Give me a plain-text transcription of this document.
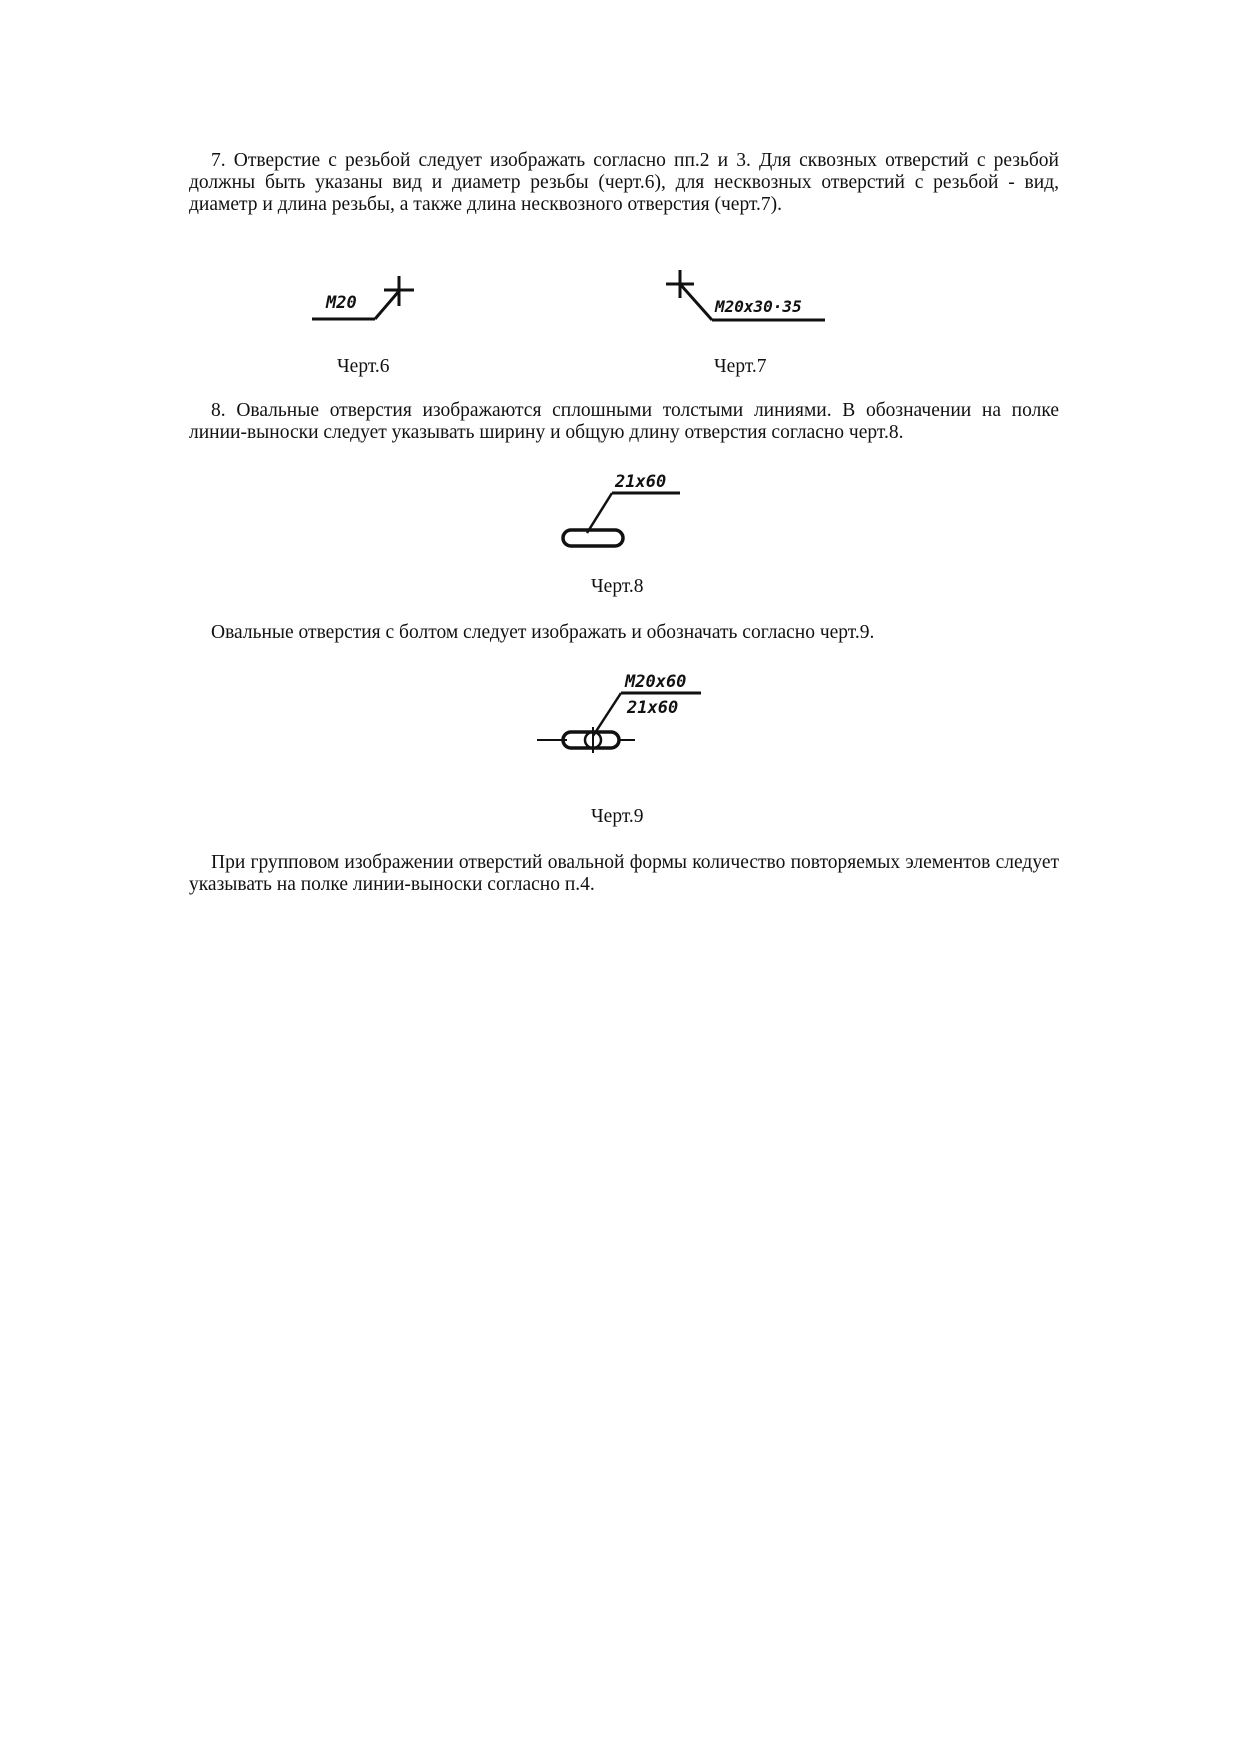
7. Отверстие с резьбой следует изображать согласно пп.2 и 3. Для сквозных отверстий с резьбой должны быть указаны вид и диаметр резьбы (черт.6), для несквозных отверстий с резьбой - вид, диаметр и длина резьбы, а также длина несквозного отверстия (черт.7).

М20
Черт.6
М20х30·35
Черт.7

8. Овальные отверстия изображаются сплошными толстыми линиями. В обозначении на полке линии-выноски следует указывать ширину и общую длину отверстия согласно черт.8.

21х60
Черт.8

Овальные отверстия с болтом следует изображать и обозначать согласно черт.9.

М20х60
21х60
Черт.9

При групповом изображении отверстий овальной формы количество повторяемых элементов следует указывать на полке линии-выноски согласно п.4.
